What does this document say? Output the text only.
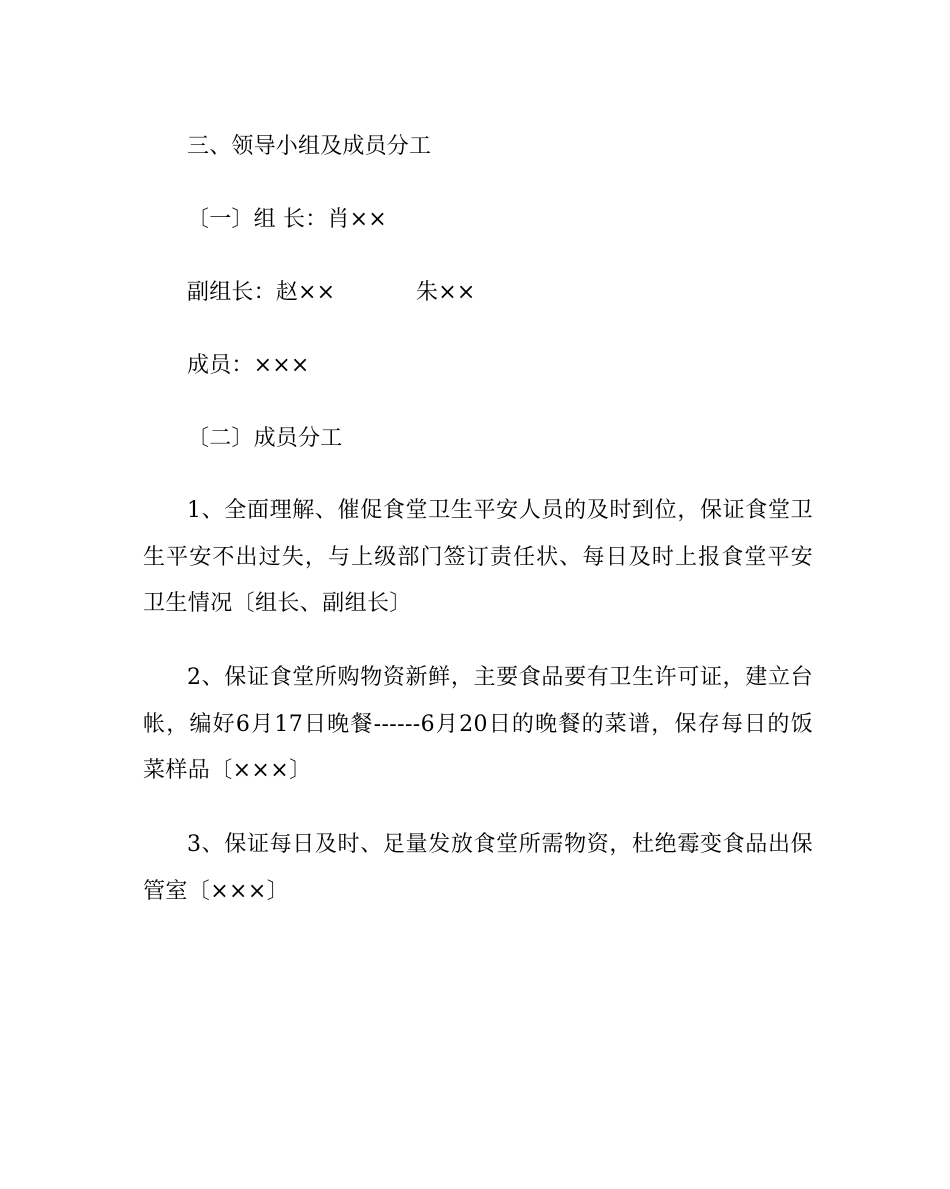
三、领导小组及成员分工
〔一〕组 长：肖××
副组长：赵××	朱××
成员：×××
〔二〕成员分工
1、全面理解、催促食堂卫生平安人员的及时到位，保证食堂卫生平安不出过失，与上级部门签订责任状、每日及时上报食堂平安卫生情况〔组长、副组长〕
2、保证食堂所购物资新鲜，主要食品要有卫生许可证，建立台帐，编好6月17日晚餐------6月20日的晚餐的菜谱，保存每日的饭菜样品〔×××〕
3、保证每日及时、足量发放食堂所需物资，杜绝霉变食品出保管室〔×××〕
